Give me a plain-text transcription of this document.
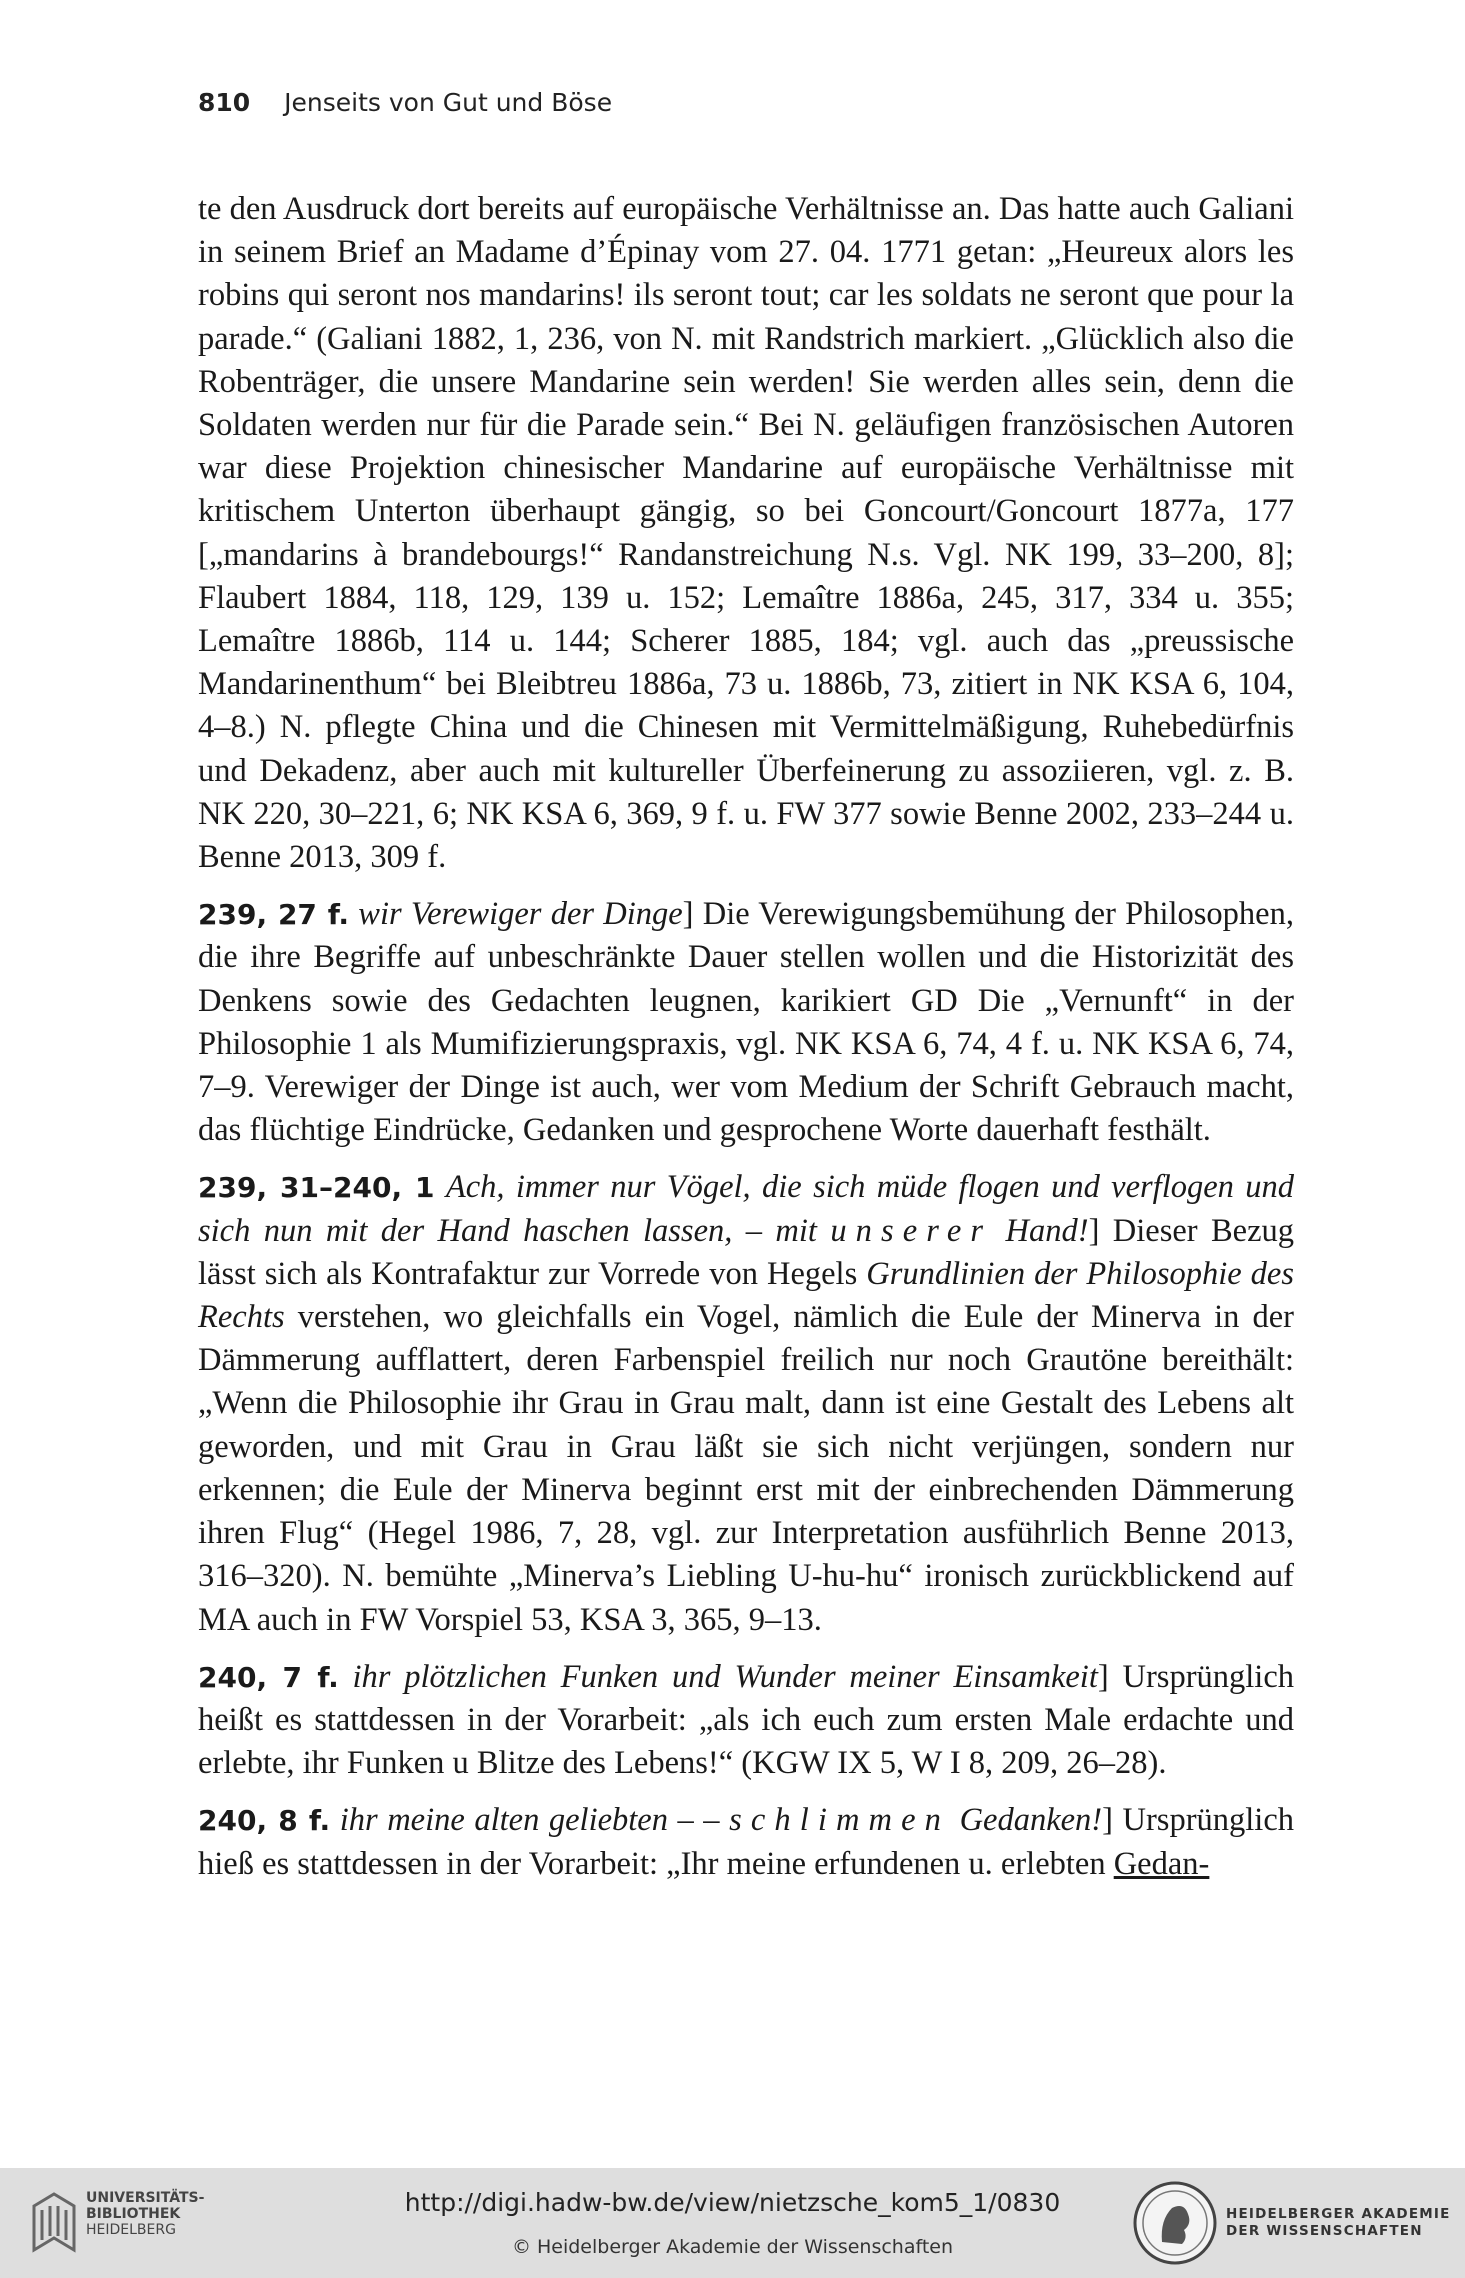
810 Jenseits von Gut und Böse

te den Ausdruck dort bereits auf europäische Verhältnisse an. Das hatte auch Galiani in seinem Brief an Madame d’Épinay vom 27. 04. 1771 getan: „Heureux alors les robins qui seront nos mandarins! ils seront tout; car les soldats ne seront que pour la parade.“ (Galiani 1882, 1, 236, von N. mit Randstrich markiert. „Glücklich also die Robenträger, die unsere Mandarine sein werden! Sie werden alles sein, denn die Soldaten werden nur für die Parade sein.“ Bei N. geläufigen französischen Autoren war diese Projektion chinesischer Mandarine auf europäische Verhältnisse mit kritischem Unterton überhaupt gängig, so bei Goncourt/Goncourt 1877a, 177 [„mandarins à brandebourgs!“ Randanstreichung N.s. Vgl. NK 199, 33–200, 8]; Flaubert 1884, 118, 129, 139 u. 152; Lemaître 1886a, 245, 317, 334 u. 355; Lemaître 1886b, 114 u. 144; Scherer 1885, 184; vgl. auch das „preussische Mandarinenthum“ bei Bleibtreu 1886a, 73 u. 1886b, 73, zitiert in NK KSA 6, 104, 4–8.) N. pflegte China und die Chinesen mit Vermittelmäßigung, Ruhebedürfnis und Dekadenz, aber auch mit kultureller Überfeinerung zu assoziieren, vgl. z. B. NK 220, 30–221, 6; NK KSA 6, 369, 9 f. u. FW 377 sowie Benne 2002, 233–244 u. Benne 2013, 309 f.

239, 27 f. wir Verewiger der Dinge] Die Verewigungsbemühung der Philosophen, die ihre Begriffe auf unbeschränkte Dauer stellen wollen und die Historizität des Denkens sowie des Gedachten leugnen, karikiert GD Die „Vernunft“ in der Philosophie 1 als Mumifizierungspraxis, vgl. NK KSA 6, 74, 4 f. u. NK KSA 6, 74, 7–9. Verewiger der Dinge ist auch, wer vom Medium der Schrift Gebrauch macht, das flüchtige Eindrücke, Gedanken und gesprochene Worte dauerhaft festhält.

239, 31–240, 1 Ach, immer nur Vögel, die sich müde flogen und verflogen und sich nun mit der Hand haschen lassen, – mit unserer Hand!] Dieser Bezug lässt sich als Kontrafaktur zur Vorrede von Hegels Grundlinien der Philosophie des Rechts verstehen, wo gleichfalls ein Vogel, nämlich die Eule der Minerva in der Dämmerung aufflattert, deren Farbenspiel freilich nur noch Grautöne bereithält: „Wenn die Philosophie ihr Grau in Grau malt, dann ist eine Gestalt des Lebens alt geworden, und mit Grau in Grau läßt sie sich nicht verjüngen, sondern nur erkennen; die Eule der Minerva beginnt erst mit der einbrechenden Dämmerung ihren Flug“ (Hegel 1986, 7, 28, vgl. zur Interpretation ausführlich Benne 2013, 316–320). N. bemühte „Minerva’s Liebling U-hu-hu“ ironisch zurückblickend auf MA auch in FW Vorspiel 53, KSA 3, 365, 9–13.

240, 7 f. ihr plötzlichen Funken und Wunder meiner Einsamkeit] Ursprünglich heißt es stattdessen in der Vorarbeit: „als ich euch zum ersten Male erdachte und erlebte, ihr Funken u Blitze des Lebens!“ (KGW IX 5, W I 8, 209, 26–28).

240, 8 f. ihr meine alten geliebten – – schlimmen Gedanken!] Ursprünglich hieß es stattdessen in der Vorarbeit: „Ihr meine erfundenen u. erlebten Gedan-

UNIVERSITÄTS-
BIBLIOTHEK
HEIDELBERG
http://digi.hadw-bw.de/view/nietzsche_kom5_1/0830
© Heidelberger Akademie der Wissenschaften
HEIDELBERGER AKADEMIE
DER WISSENSCHAFTEN
